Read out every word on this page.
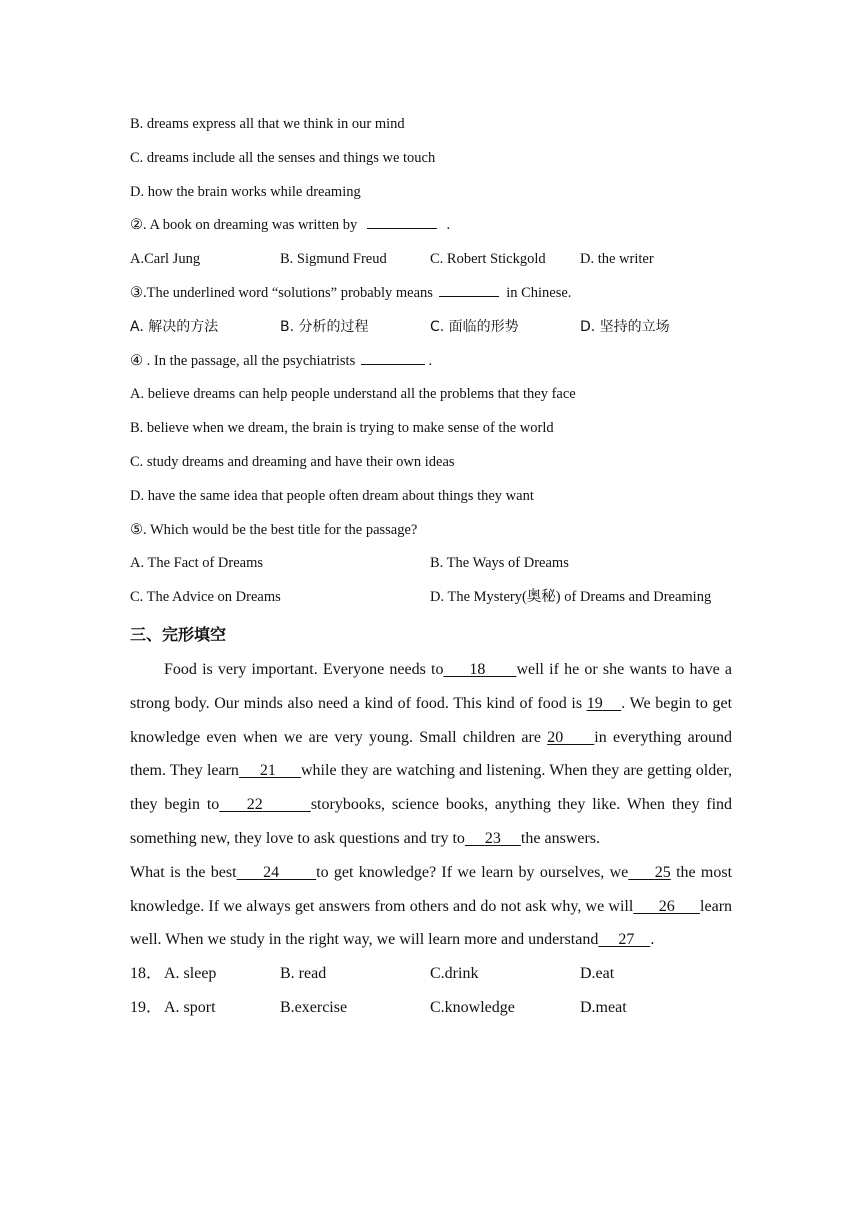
B. dreams express all that we think in our mind
C. dreams include all the senses and things we touch
D. how the brain works while dreaming
②. A book on dreaming was written by	.
A.Carl Jung	B. Sigmund Freud	C. Robert Stickgold	D. the writer
③.The underlined word “solutions” probably means	in Chinese.
A. 解决的方法	B. 分析的过程	C. 面临的形势	D. 坚持的立场
④ . In the passage, all the psychiatrists	.
A. believe dreams can help people understand all the problems that they face
B. believe when we dream, the brain is trying to make sense of the world
C. study dreams and dreaming and have their own ideas
D. have the same idea that people often dream about things they want
⑤. Which would be the best title for the passage?
A. The Fact of Dreams	B. The Ways of Dreams
C. The Advice on Dreams	D. The Mystery(奥秘) of Dreams and Dreaming
三、完形填空

Food is very important. Everyone needs to 18 well if he or she wants to have a strong body. Our minds also need a kind of food. This kind of food is 19 . We begin to get knowledge even when we are very young. Small children are 20 in everything around them. They learn 21 while they are watching and listening. When they are getting older, they begin to 22	storybooks, science books, anything they like. When they find something new, they love to ask questions and try to 23 the answers.

What is the best 24 to get knowledge? If we learn by ourselves, we 25 the most knowledge. If we always get answers from others and do not ask why, we will 26 learn well. When we study in the right way, we will learn more and understand 27 .

18． A. sleep	B. read	C.drink	D.eat
19． A. sport	B.exercise	C.knowledge	D.meat
